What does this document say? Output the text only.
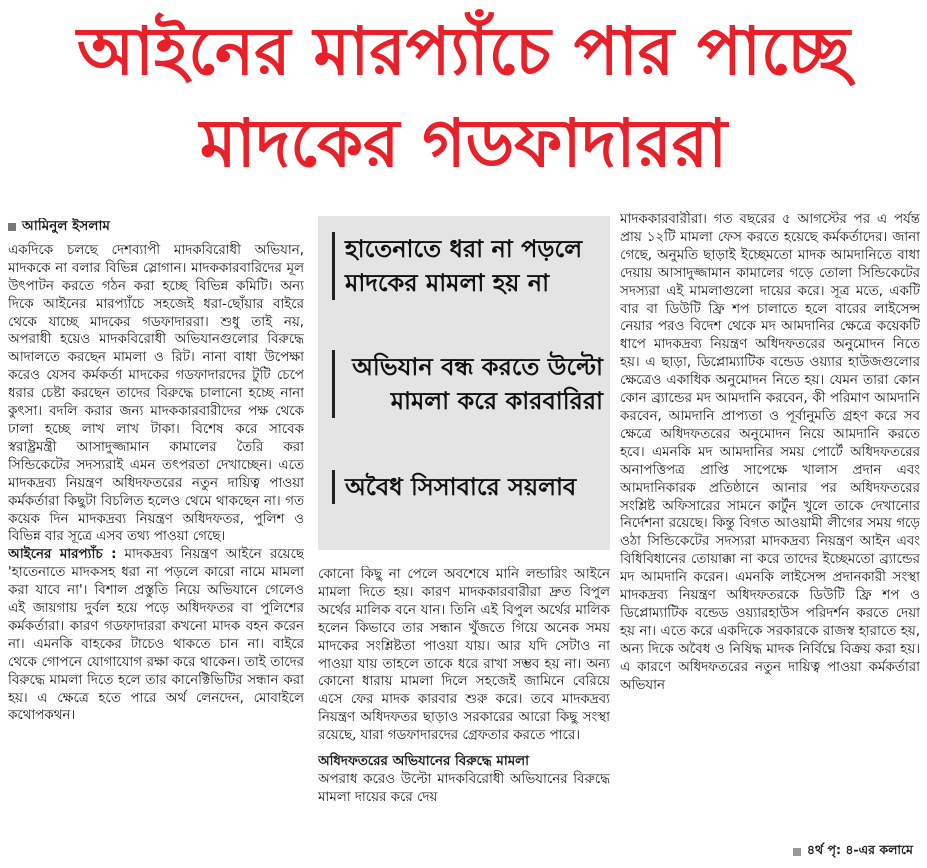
আইনের মারপ্যাঁচে পার পাচ্ছে
মাদকের গডফাদাররা
আমিনুল ইসলাম

একদিকে চলছে দেশব্যাপী মাদকবিরোধী অভিযান, মাদককে না বলার বিভিন্ন স্লোগান। মাদককারবারিদের মূল উৎপাটন করতে গঠন করা হচ্ছে বিভিন্ন কমিটি। অন্য দিকে আইনের মারপ্যাঁচে সহজেই ধরা-ছোঁয়ার বাইরে থেকে যাচ্ছে মাদকের গডফাদাররা। শুধু তাই নয়, অপরাধী হয়েও মাদকবিরোধী অভিযানগুলোর বিরুদ্ধে আদালতে করছেন মামলা ও রিট। নানা বাধা উপেক্ষা করেও যেসব কর্মকর্তা মাদকের গডফাদারদের টুটি চেপে ধরার চেষ্টা করছেন তাদের বিরুদ্ধে চালানো হচ্ছে নানা কুৎসা। বদলি করার জন্য মাদককারবারীদের পক্ষ থেকে ঢালা হচ্ছে লাখ লাখ টাকা। বিশেষ করে সাবেক স্বরাষ্ট্রমন্ত্রী আসাদুজ্জামান কামালের তৈরি করা সিন্ডিকেটের সদস্যরাই এমন তৎপরতা দেখাচ্ছেন। এতে মাদকদ্রব্য নিয়ন্ত্রণ অধিদফতরের নতুন দায়িত্ব পাওয়া কর্মকর্তারা কিছুটা বিচলিত হলেও থেমে থাকছেন না। গত কয়েক দিন মাদকদ্রব্য নিয়ন্ত্রণ অধিদফতর, পুলিশ ও বিভিন্ন বার সূত্রে এসব তথ্য পাওয়া গেছে।

আইনের মারপ্যাঁচ : মাদকদ্রব্য নিয়ন্ত্রণ আইনে রয়েছে 'হাতেনাতে মাদকসহ ধরা না পড়লে কারো নামে মামলা করা যাবে না'। বিশাল প্রস্তুতি নিয়ে অভিযানে গেলেও এই জায়গায় দুর্বল হয়ে পড়ে অধিদফতর বা পুলিশের কর্মকর্তারা। কারণ গডফাদাররা কখনো মাদক বহন করেন না। এমনকি বাহকের টাচেও থাকতে চান না। বাইরে থেকে গোপনে যোগাযোগ রক্ষা করে থাকেন। তাই তাদের বিরুদ্ধে মামলা দিতে হলে তার কানেক্টিভিটির সন্ধান করা হয়। এ ক্ষেত্রে হতে পারে অর্থ লেনদেন, মোবাইলে কথোপকথন।

হাতেনাতে ধরা না পড়লে মাদকের মামলা হয় না
অভিযান বন্ধ করতে উল্টো মামলা করে কারবারিরা
অবৈধ সিসাবারে সয়লাব

কোনো কিছু না পেলে অবশেষে মানি লন্ডারিং আইনে মামলা দিতে হয়। কারণ মাদককারবারীরা দ্রুত বিপুল অর্থের মালিক বনে যান। তিনি এই বিপুল অর্থের মালিক হলেন কিভাবে তার সন্ধান খুঁজতে গিয়ে অনেক সময় মাদকের সংশ্লিষ্টতা পাওয়া যায়। আর যদি সেটাও না পাওয়া যায় তাহলে তাকে ধরে রাখা সম্ভব হয় না। অন্য কোনো ধারায় মামলা দিলে সহজেই জামিনে বেরিয়ে এসে ফের মাদক কারবার শুরু করে। তবে মাদকদ্রব্য নিয়ন্ত্রণ অধিদফতর ছাড়াও সরকারের আরো কিছু সংস্থা রয়েছে, যারা গডফাদারদের গ্রেফতার করতে পারে।

অধিদফতরের অভিযানের বিরুদ্ধে মামলা

অপরাধ করেও উল্টো মাদকবিরোধী অভিযানের বিরুদ্ধে মামলা দায়ের করে দেয়

মাদককারবারীরা। গত বছরের ৫ আগস্টের পর এ পর্যন্ত প্রায় ১২টি মামলা ফেস করতে হয়েছে কর্মকর্তাদের। জানা গেছে, অনুমতি ছাড়াই ইচ্ছেমতো মাদক আমদানিতে বাধা দেয়ায় আসাদুজ্জামান কামালের গড়ে তোলা সিন্ডিকেটের সদস্যরা এই মামলাগুলো দায়ের করে। সূত্র মতে, একটি বার বা ডিউটি ফ্রি শপ চালাতে হলে বারের লাইসেন্স নেয়ার পরও বিদেশ থেকে মদ আমদানির ক্ষেত্রে কয়েকটি ধাপে মাদকদ্রব্য নিয়ন্ত্রণ অধিদফতরের অনুমোদন নিতে হয়। এ ছাড়া, ডিপ্লোম্যাটিক বন্ডেড ওয়্যার হাউজগুলোর ক্ষেত্রেও একাধিক অনুমোদন নিতে হয়। যেমন তারা কোন কোন ব্র্যান্ডের মদ আমদানি করবেন, কী পরিমাণ আমদানি করবেন, আমদানি প্রাপ্যতা ও পূর্বানুমতি গ্রহণ করে সব ক্ষেত্রে অধিদফতরের অনুমোদন নিয়ে আমদানি করতে হবে। এমনকি মদ আমদানির সময় পোর্টে অধিদফতরের অনাপত্তিপত্র প্রাপ্তি সাপেক্ষে খালাস প্রদান এবং আমদানিকারক প্রতিষ্ঠানে আনার পর অধিদফতরের সংশ্লিষ্ট অফিসারের সামনে কার্টুন খুলে তাকে দেখানোর নির্দেশনা রয়েছে। কিন্তু বিগত আওয়ামী লীগের সময় গড়ে ওঠা সিন্ডিকেটের সদস্যরা মাদকদ্রব্য নিয়ন্ত্রণ আইন এবং বিধিবিধানের তোয়াক্কা না করে তাদের ইচ্ছেমতো ব্র্যান্ডের মদ আমদানি করেন। এমনকি লাইসেন্স প্রদানকারী সংস্থা মাদকদ্রব্য নিয়ন্ত্রণ অধিদফতরকে ডিউটি ফ্রি শপ ও ডিপ্লোম্যাটিক বন্ডেড ওয়্যারহাউস পরিদর্শন করতে দেয়া হয় না। এতে করে একদিকে সরকারকে রাজস্ব হারাতে হয়, অন্য দিকে অবৈধ ও নিষিদ্ধ মাদক নির্বিঘ্নে বিক্রয় করা হয়। এ কারণে অধিদফতরের নতুন দায়িত্ব পাওয়া কর্মকর্তারা অভিযান

৪র্থ পৃ: ৪-এর কলামে
